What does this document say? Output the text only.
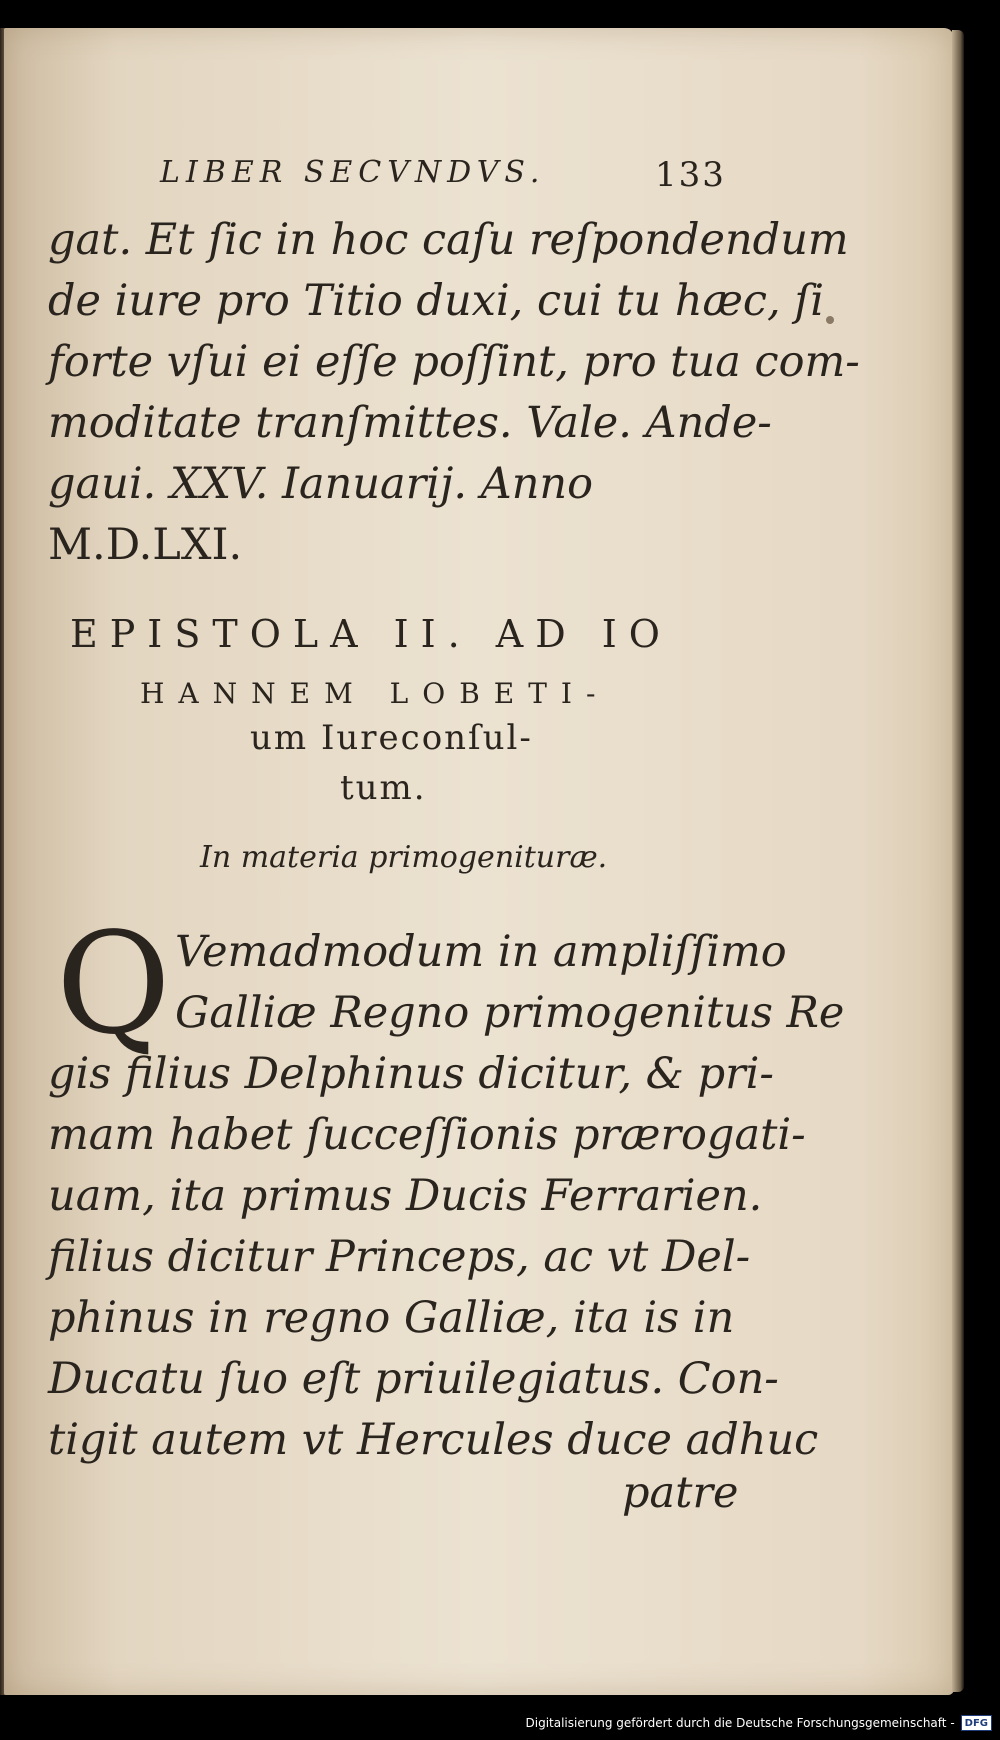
LIBER SECVNDVS.	133
gat. Et ſic in hoc caſu reſpondendum
de iure pro Titio duxi, cui tu hæc, ſi
forte vſui ei eſſe poſſint, pro tua com-
moditate tranſmittes. Vale. Ande-
gaui. XXV. Ianuarij. Anno
M.D.LXI.
EPISTOLA II. AD IO
HANNEM LOBETI-
um Iureconſul-
tum.
In materia primogenituræ.
Q Vemadmodum in ampliſſimo
Galliæ Regno primogenitus Re
gis filius Delphinus dicitur, & pri-
mam habet ſucceſſionis prærogati-
uam, ita primus Ducis Ferrarien.
filius dicitur Princeps, ac vt Del-
phinus in regno Galliæ, ita is in
Ducatu ſuo eſt priuilegiatus. Con-
tigit autem vt Hercules duce adhuc
patre
Digitalisierung gefördert durch die Deutsche Forschungsgemeinschaft -	DFG
